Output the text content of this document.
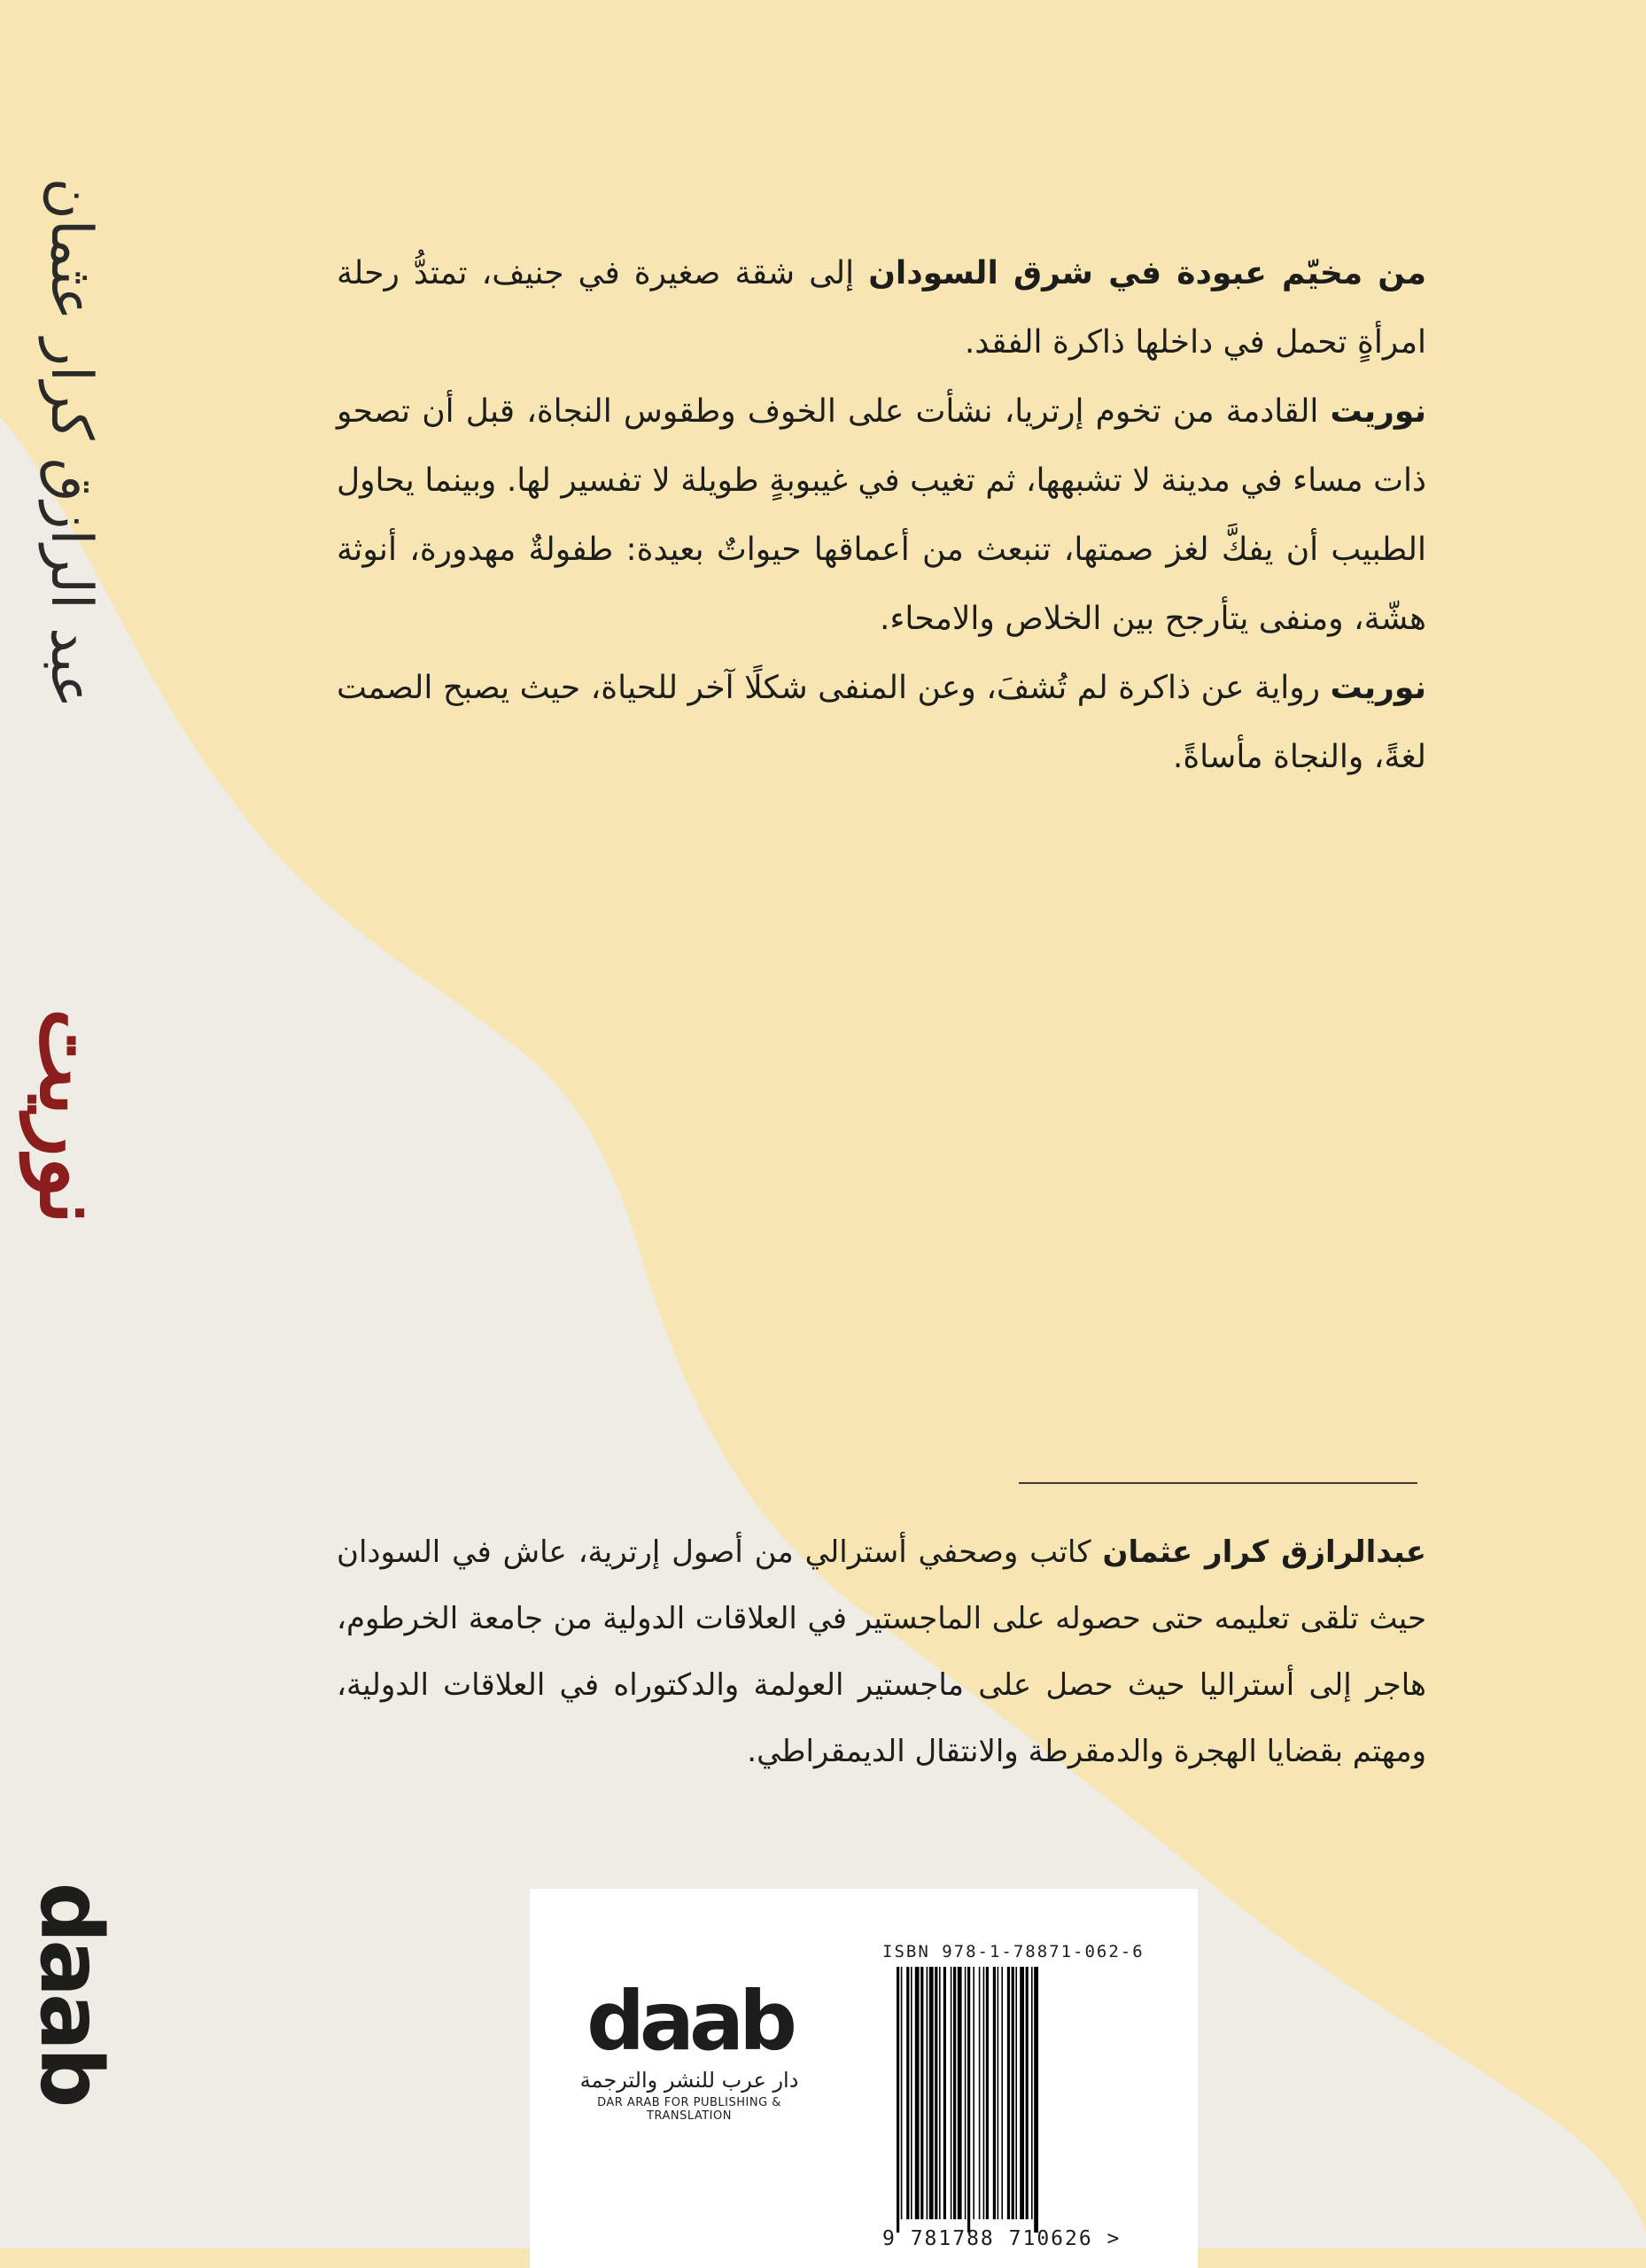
عبد الرازق كرار عثمان
نوريت
daab

من مخيّم عبودة في شرق السودان إلى شقة صغيرة في جنيف، تمتدُّ رحلة امرأةٍ تحمل في داخلها ذاكرة الفقد.

نوريت القادمة من تخوم إرتريا، نشأت على الخوف وطقوس النجاة، قبل أن تصحو ذات مساء في مدينة لا تشبهها، ثم تغيب في غيبوبةٍ طويلة لا تفسير لها. وبينما يحاول الطبيب أن يفكَّ لغز صمتها، تنبعث من أعماقها حيواتٌ بعيدة: طفولةٌ مهدورة، أنوثة هشّة، ومنفى يتأرجح بين الخلاص والامحاء.

نوريت رواية عن ذاكرة لم تُشفَ، وعن المنفى شكلًا آخر للحياة، حيث يصبح الصمت لغةً، والنجاة مأساةً.

عبدالرازق كرار عثمان كاتب وصحفي أسترالي من أصول إرترية، عاش في السودان حيث تلقى تعليمه حتى حصوله على الماجستير في العلاقات الدولية من جامعة الخرطوم، هاجر إلى أستراليا حيث حصل على ماجستير العولمة والدكتوراه في العلاقات الدولية، ومهتم بقضايا الهجرة والدمقرطة والانتقال الديمقراطي.

daab
دار عرب للنشر والترجمة
DAR ARAB FOR PUBLISHING & TRANSLATION
ISBN 978-1-78871-062-6
9 781788 710626 >
